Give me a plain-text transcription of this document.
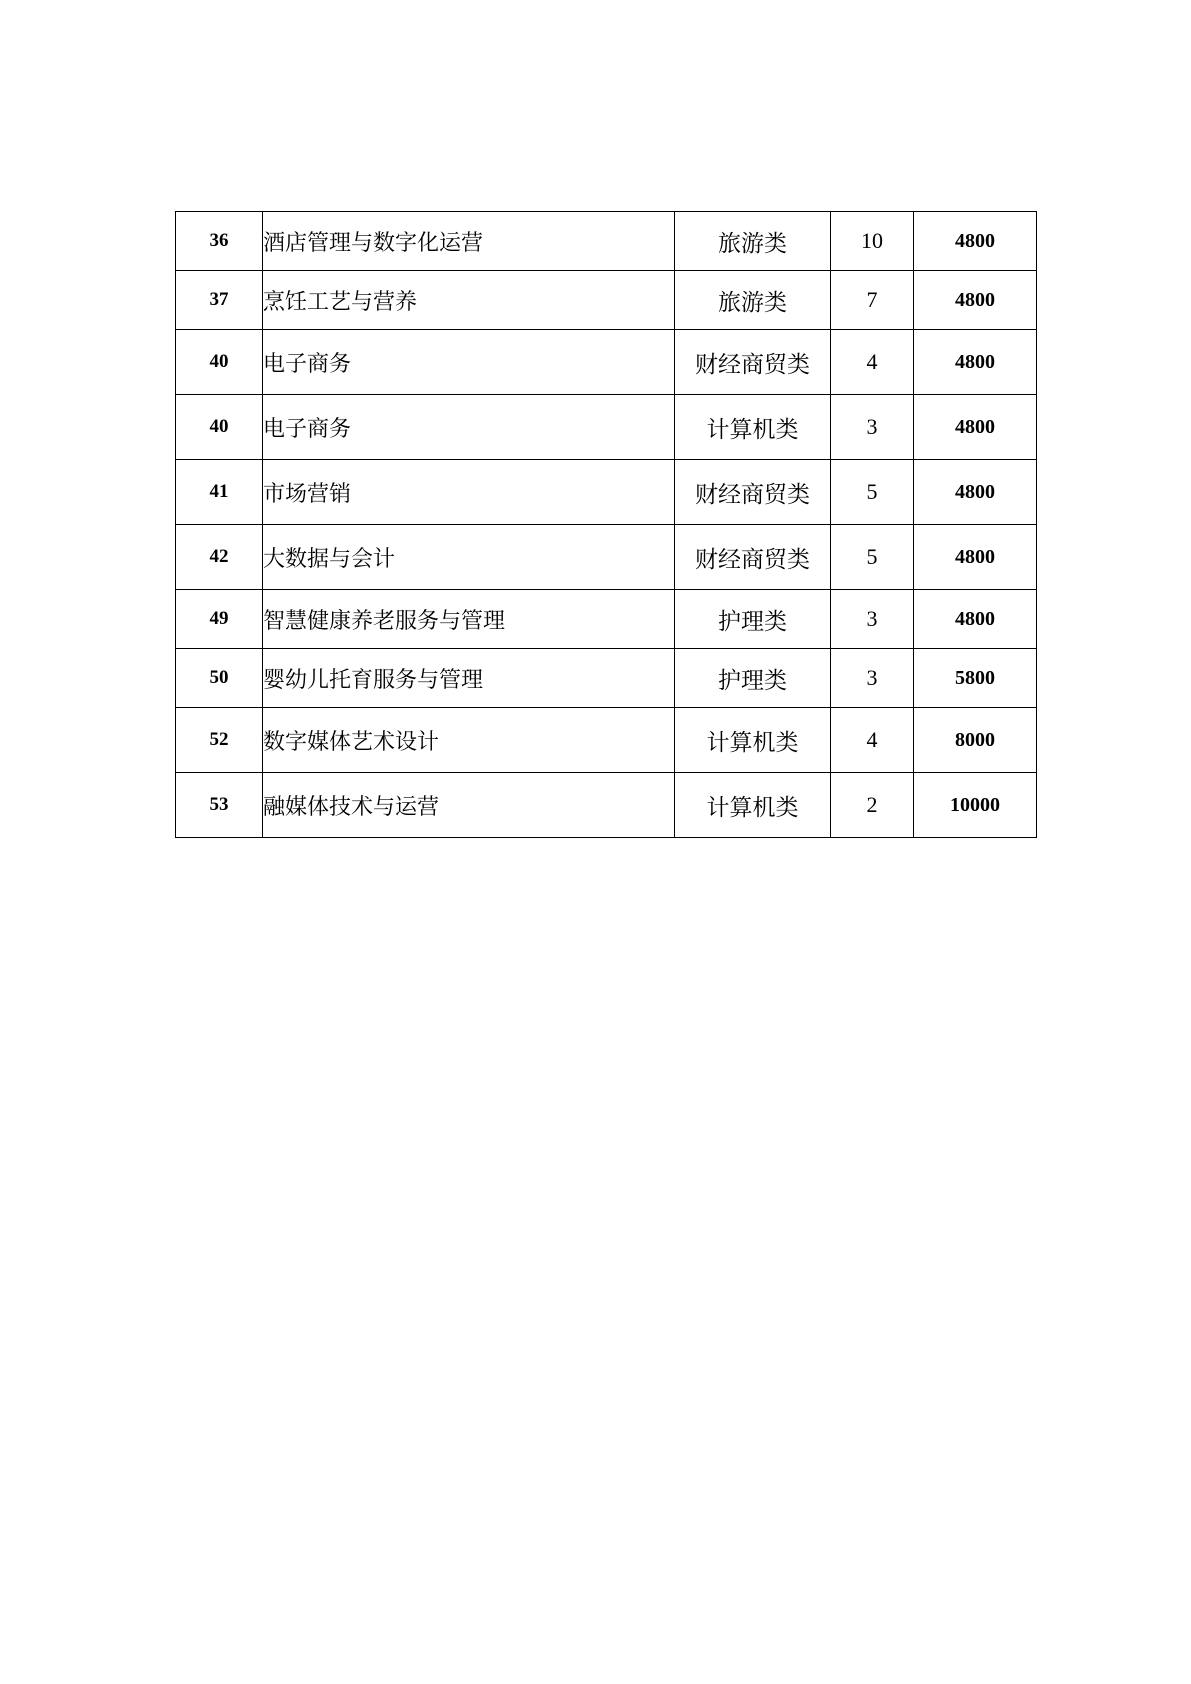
36	酒店管理与数字化运营	旅游类	10	4800
37	烹饪工艺与营养	旅游类	7	4800
40	电子商务	财经商贸类	4	4800
40	电子商务	计算机类	3	4800
41	市场营销	财经商贸类	5	4800
42	大数据与会计	财经商贸类	5	4800
49	智慧健康养老服务与管理	护理类	3	4800
50	婴幼儿托育服务与管理	护理类	3	5800
52	数字媒体艺术设计	计算机类	4	8000
53	融媒体技术与运营	计算机类	2	10000
